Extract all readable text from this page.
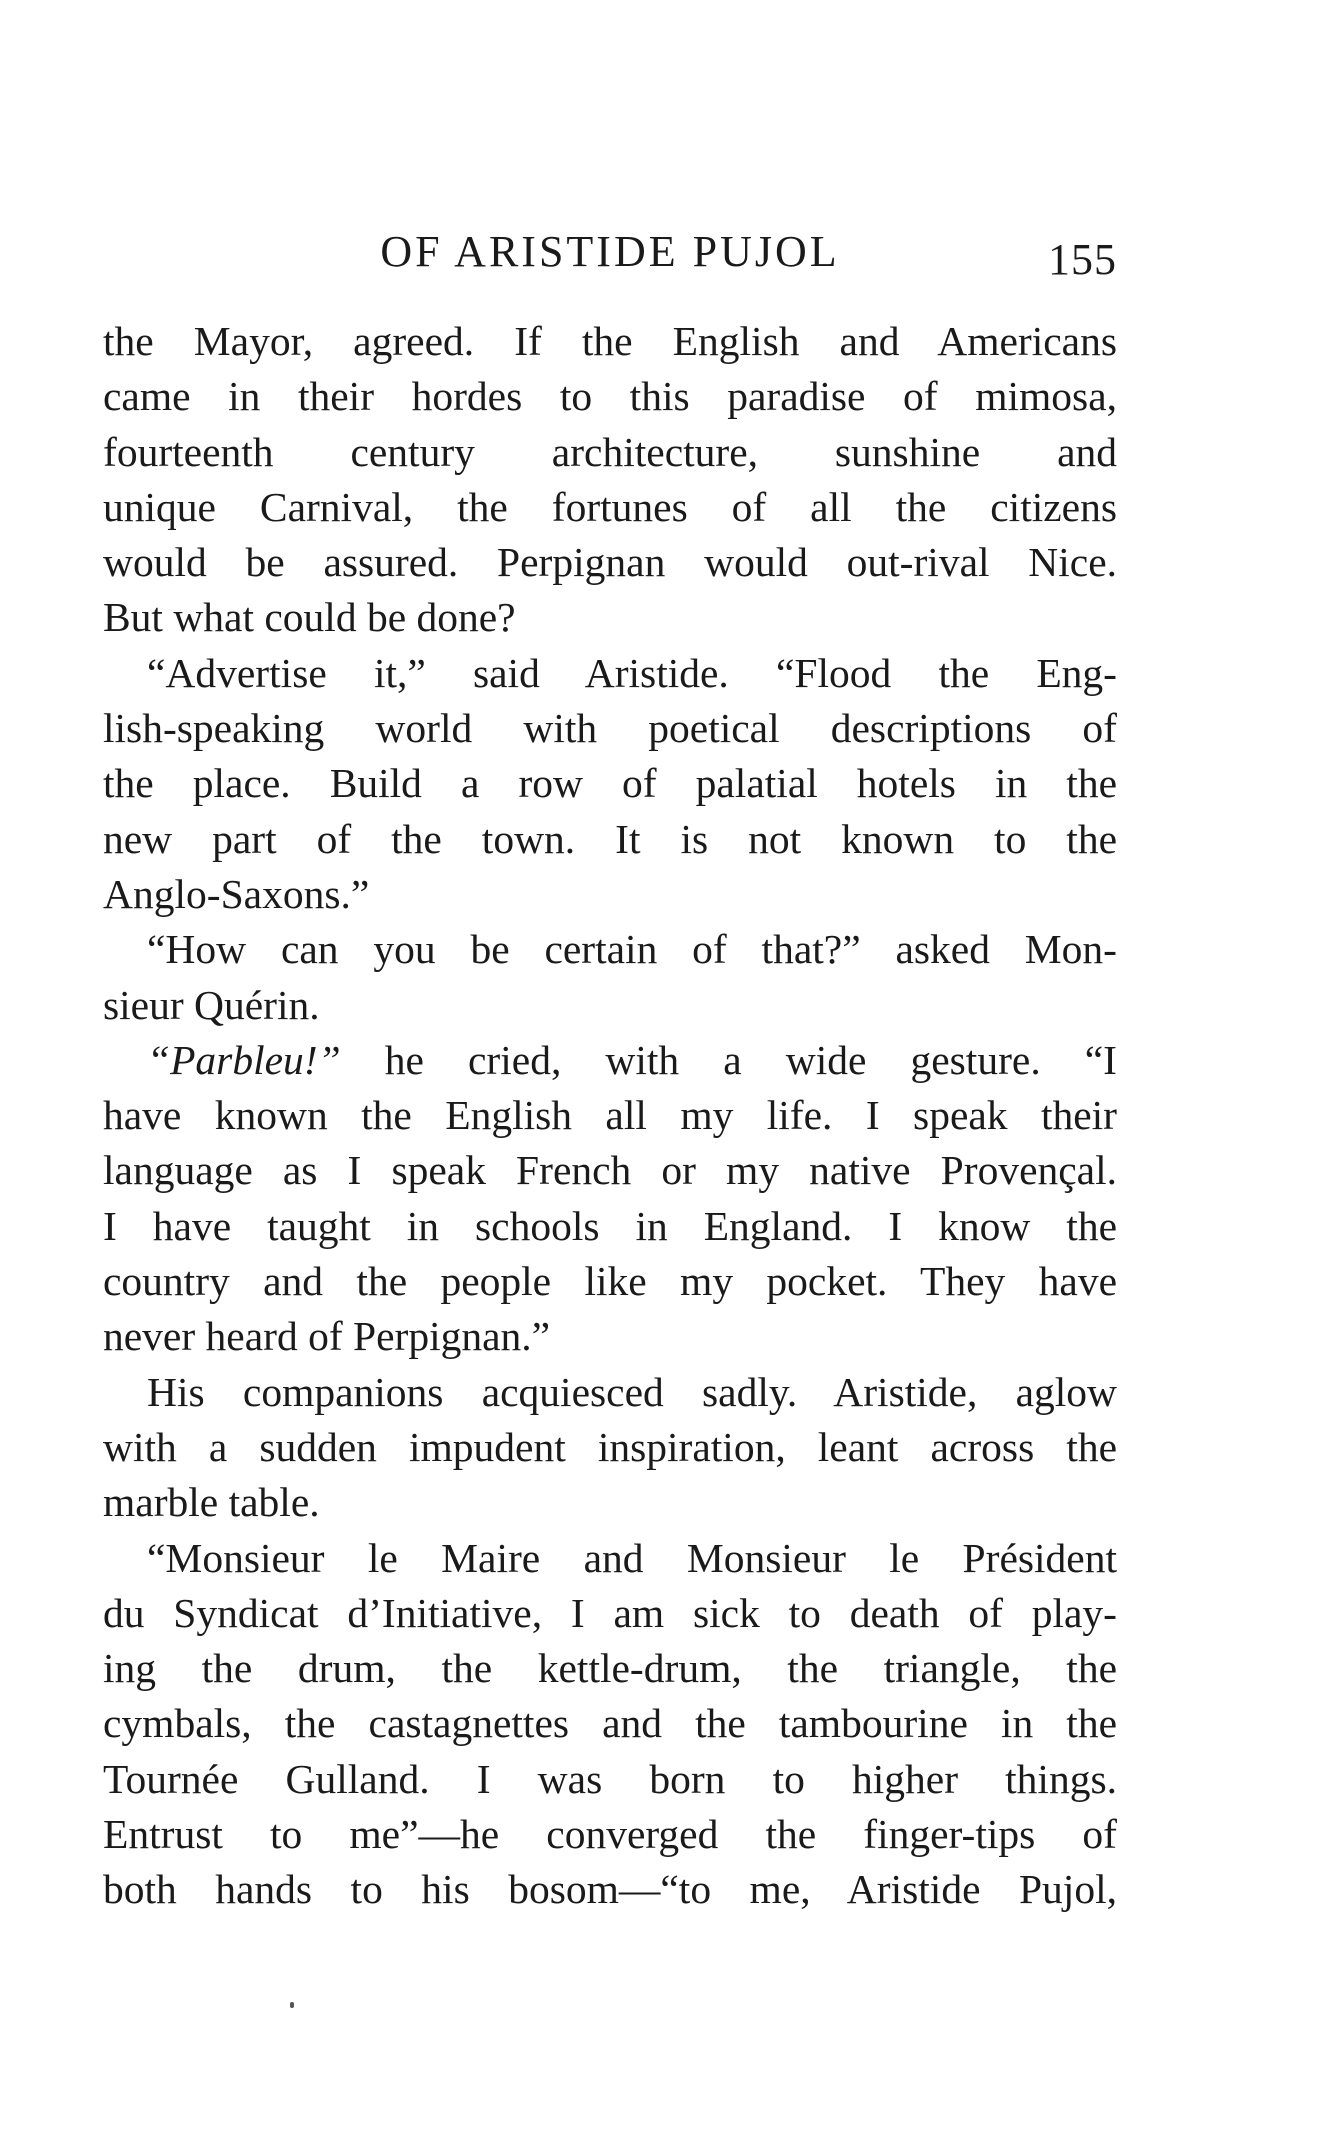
OF ARISTIDE PUJOL	155
the Mayor, agreed. If the English and Americans
came in their hordes to this paradise of mimosa,
fourteenth century architecture, sunshine and
unique Carnival, the fortunes of all the citizens
would be assured. Perpignan would out-rival Nice.
But what could be done?
“Advertise it,” said Aristide. “Flood the Eng-
lish-speaking world with poetical descriptions of
the place. Build a row of palatial hotels in the
new part of the town. It is not known to the
Anglo-Saxons.”
“How can you be certain of that?” asked Mon-
sieur Quérin.
“Parbleu!” he cried, with a wide gesture. “I
have known the English all my life. I speak their
language as I speak French or my native Provençal.
I have taught in schools in England. I know the
country and the people like my pocket. They have
never heard of Perpignan.”
His companions acquiesced sadly. Aristide, aglow
with a sudden impudent inspiration, leant across the
marble table.
“Monsieur le Maire and Monsieur le Président
du Syndicat d’Initiative, I am sick to death of play-
ing the drum, the kettle-drum, the triangle, the
cymbals, the castagnettes and the tambourine in the
Tournée Gulland. I was born to higher things.
Entrust to me”—he converged the finger-tips of
both hands to his bosom—“to me, Aristide Pujol,
